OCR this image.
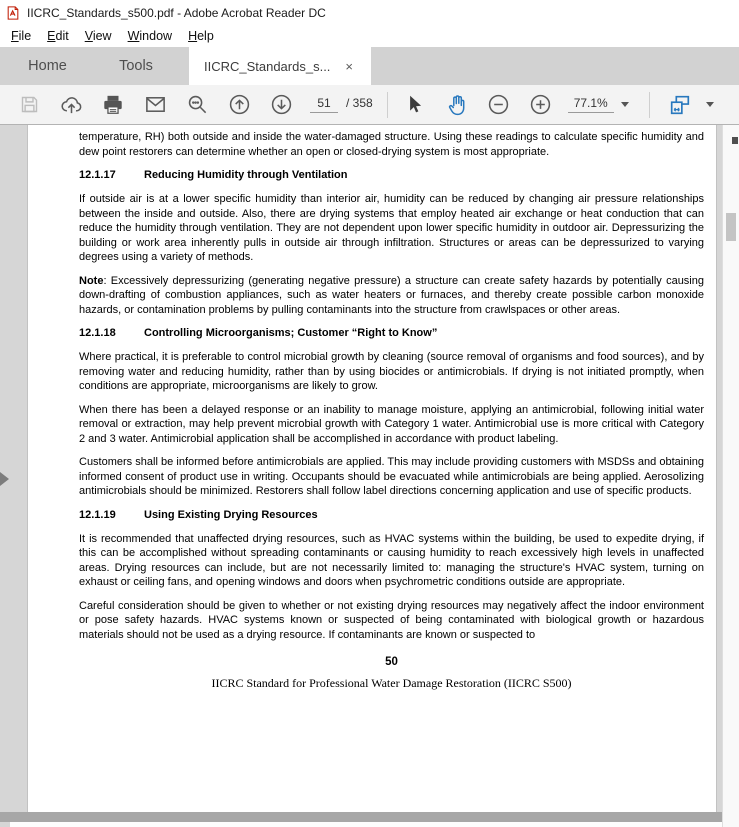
IICRC_Standards_s500.pdf - Adobe Acrobat Reader DC
File	Edit	View	Window	Help
Home	Tools	IICRC_Standards_s... ×
51
/ 358	77.1%

temperature, RH) both outside and inside the water-damaged structure. Using these readings to calculate specific humidity and dew point restorers can determine whether an open or closed-drying system is most appropriate.

12.1.17	Reducing Humidity through Ventilation

If outside air is at a lower specific humidity than interior air, humidity can be reduced by changing air pressure relationships between the inside and outside. Also, there are drying systems that employ heated air exchange or heat conduction that can reduce the humidity through ventilation. They are not dependent upon lower specific humidity in outdoor air. Depressurizing the building or work area inherently pulls in outside air through infiltration. Structures or areas can be depressurized to varying degrees using a variety of methods.

Note: Excessively depressurizing (generating negative pressure) a structure can create safety hazards by potentially causing down-drafting of combustion appliances, such as water heaters or furnaces, and thereby create possible carbon monoxide hazards, or contamination problems by pulling contaminants into the structure from crawlspaces or other areas.

12.1.18	Controlling Microorganisms; Customer “Right to Know”

Where practical, it is preferable to control microbial growth by cleaning (source removal of organisms and food sources), and by removing water and reducing humidity, rather than by using biocides or antimicrobials. If drying is not initiated promptly, when conditions are appropriate, microorganisms are likely to grow.

When there has been a delayed response or an inability to manage moisture, applying an antimicrobial, following initial water removal or extraction, may help prevent microbial growth with Category 1 water. Antimicrobial use is more critical with Category 2 and 3 water. Antimicrobial application shall be accomplished in accordance with product labeling.

Customers shall be informed before antimicrobials are applied. This may include providing customers with MSDSs and obtaining informed consent of product use in writing. Occupants should be evacuated while antimicrobials are being applied. Aerosolizing antimicrobials should be minimized. Restorers shall follow label directions concerning application and use of specific products.

12.1.19	Using Existing Drying Resources

It is recommended that unaffected drying resources, such as HVAC systems within the building, be used to expedite drying, if this can be accomplished without spreading contaminants or causing humidity to reach excessively high levels in unaffected areas. Drying resources can include, but are not necessarily limited to: managing the structure's HVAC system, turning on exhaust or ceiling fans, and opening windows and doors when psychrometric conditions outside are appropriate.

Careful consideration should be given to whether or not existing drying resources may negatively affect the indoor environment or pose safety hazards. HVAC systems known or suspected of being contaminated with biological growth or hazardous materials should not be used as a drying resource. If contaminants are known or suspected to

50
IICRC Standard for Professional Water Damage Restoration (IICRC S500)
